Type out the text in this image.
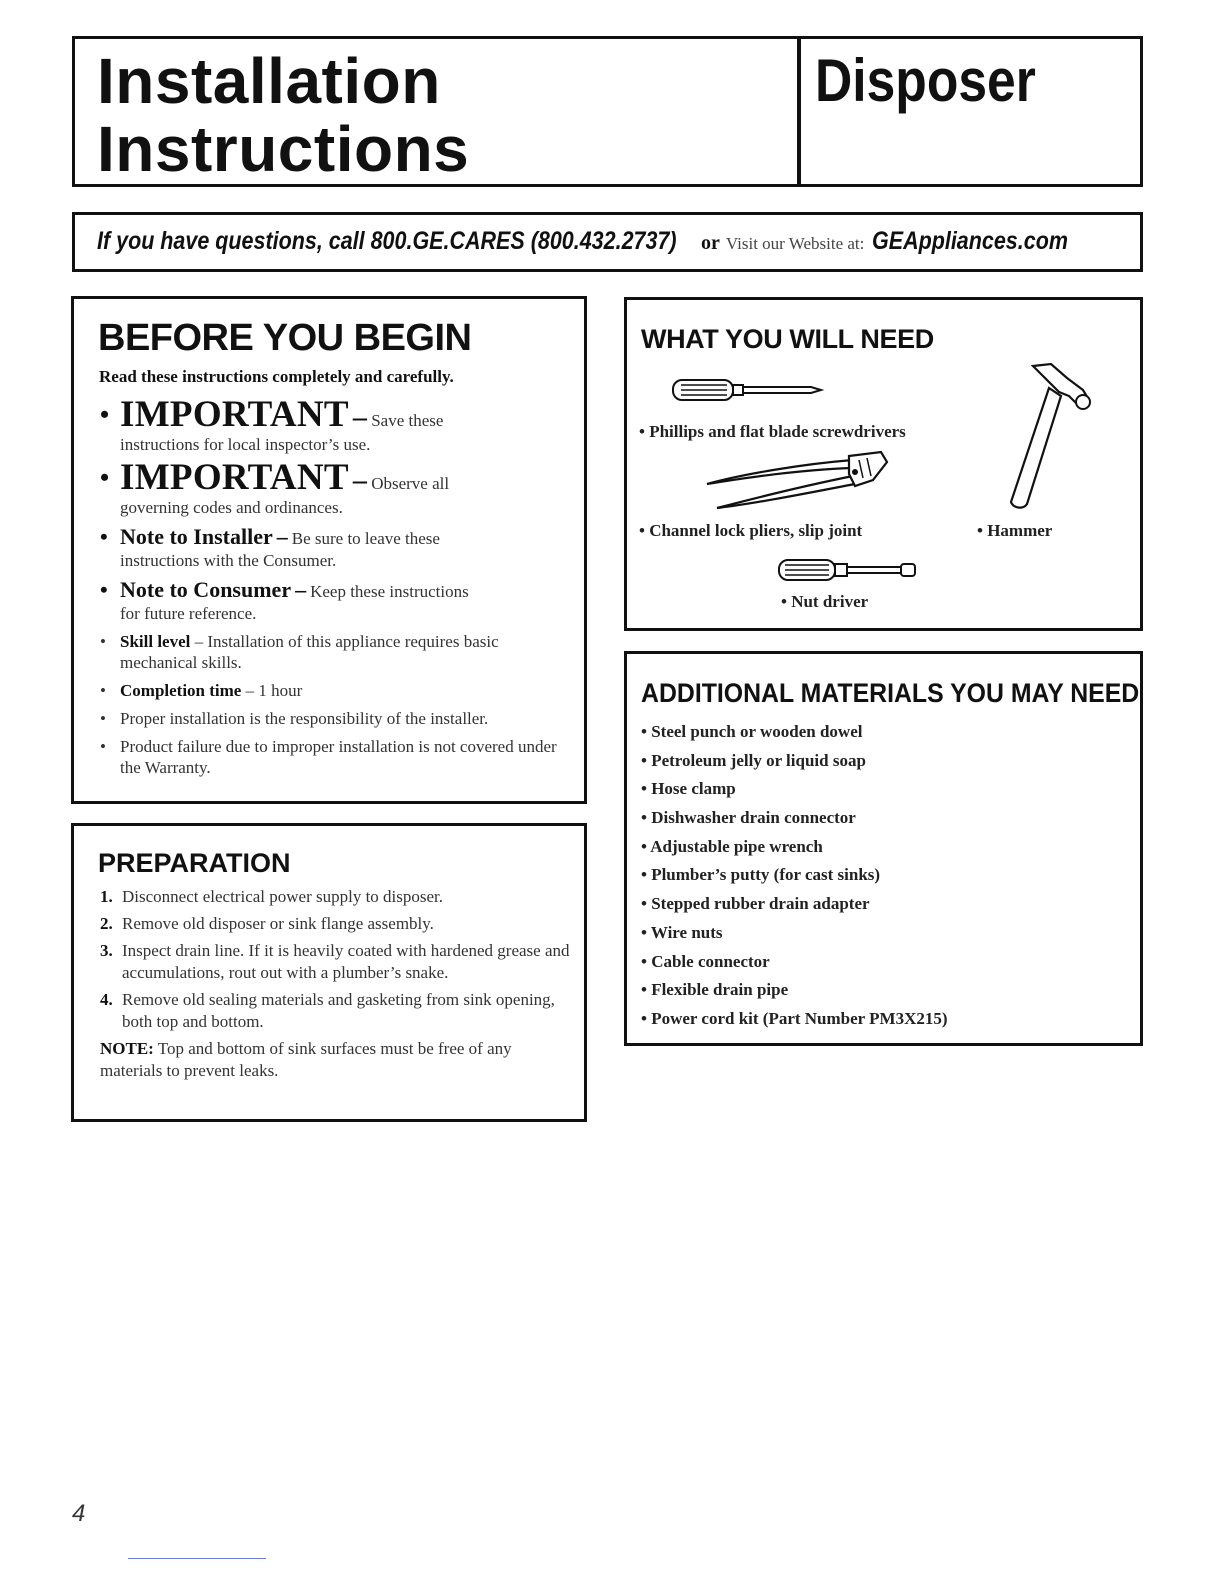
Installation
Instructions
Disposer
If you have questions, call 800.GE.CARES (800.432.2737) or Visit our Website at: GEAppliances.com
BEFORE YOU BEGIN
Read these instructions completely and carefully.
• IMPORTANT – Save these
instructions for local inspector’s use.
• IMPORTANT – Observe all
governing codes and ordinances.
• Note to Installer – Be sure to leave these
instructions with the Consumer.
• Note to Consumer – Keep these instructions
for future reference.
• Skill level – Installation of this appliance requires basic mechanical skills.
• Completion time – 1 hour
• Proper installation is the responsibility of the installer.
• Product failure due to improper installation is not covered under the Warranty.
PREPARATION
1. Disconnect electrical power supply to disposer.
2. Remove old disposer or sink flange assembly.
3. Inspect drain line. If it is heavily coated with hardened grease and accumulations, rout out with a plumber’s snake.
4. Remove old sealing materials and gasketing from sink opening, both top and bottom.
NOTE: Top and bottom of sink surfaces must be free of any materials to prevent leaks.
WHAT YOU WILL NEED
• Phillips and flat blade screwdrivers
• Channel lock pliers, slip joint	• Hammer
• Nut driver
ADDITIONAL MATERIALS YOU MAY NEED
• Steel punch or wooden dowel
• Petroleum jelly or liquid soap
• Hose clamp
• Dishwasher drain connector
• Adjustable pipe wrench
• Plumber’s putty (for cast sinks)
• Stepped rubber drain adapter
• Wire nuts
• Cable connector
• Flexible drain pipe
• Power cord kit (Part Number PM3X215)
4
